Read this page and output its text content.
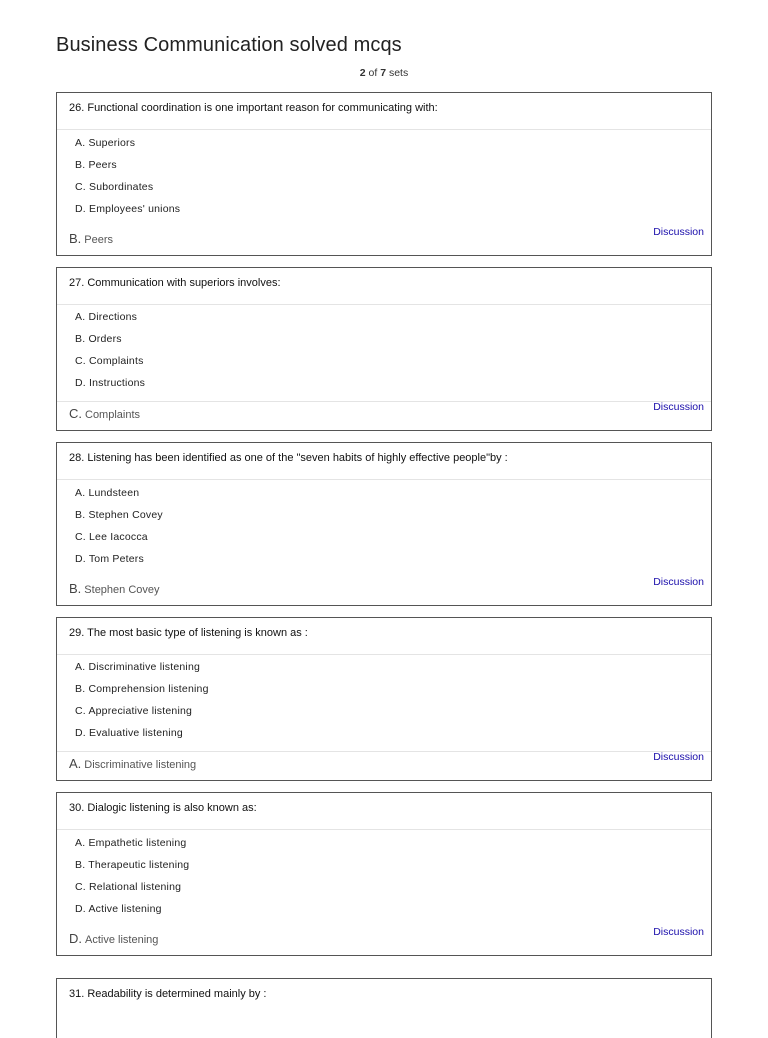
Business Communication solved mcqs
2 of 7 sets
26. Functional coordination is one important reason for communicating with:
A. Superiors
B. Peers
C. Subordinates
D. Employees' unions
B. Peers
Discussion
27. Communication with superiors involves:
A. Directions
B. Orders
C. Complaints
D. Instructions
C. Complaints
Discussion
28. Listening has been identified as one of the "seven habits of highly effective people"by :
A. Lundsteen
B. Stephen Covey
C. Lee Iacocca
D. Tom Peters
B. Stephen Covey
Discussion
29. The most basic type of listening is known as :
A. Discriminative listening
B. Comprehension listening
C. Appreciative listening
D. Evaluative listening
A. Discriminative listening
Discussion
30. Dialogic listening is also known as:
A. Empathetic listening
B. Therapeutic listening
C. Relational listening
D. Active listening
D. Active listening
Discussion
31. Readability is determined mainly by :
